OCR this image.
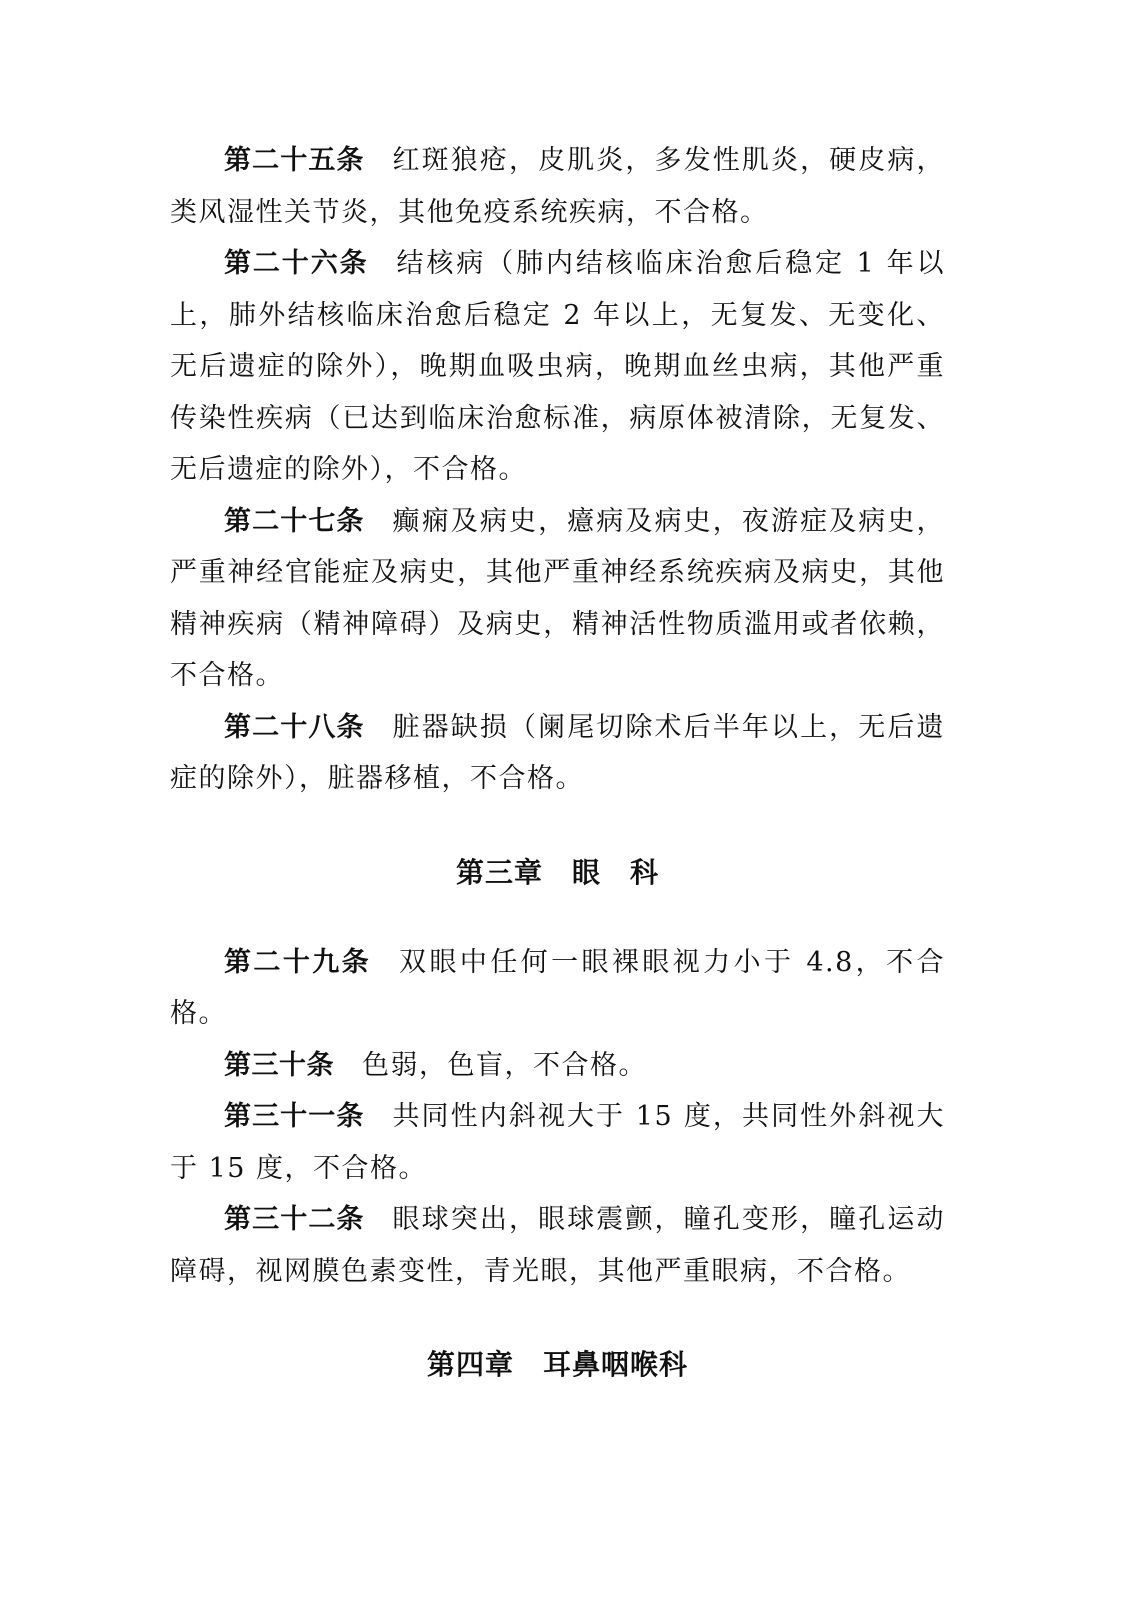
第二十五条 红斑狼疮，皮肌炎，多发性肌炎，硬皮病，类风湿性关节炎，其他免疫系统疾病，不合格。

第二十六条 结核病（肺内结核临床治愈后稳定 1 年以上，肺外结核临床治愈后稳定 2 年以上，无复发、无变化、无后遗症的除外），晚期血吸虫病，晚期血丝虫病，其他严重传染性疾病（已达到临床治愈标准，病原体被清除，无复发、无后遗症的除外），不合格。

第二十七条 癫痫及病史，癔病及病史，夜游症及病史，严重神经官能症及病史，其他严重神经系统疾病及病史，其他精神疾病（精神障碍）及病史，精神活性物质滥用或者依赖，不合格。

第二十八条 脏器缺损（阑尾切除术后半年以上，无后遗症的除外），脏器移植，不合格。

第三章　眼　科

第二十九条 双眼中任何一眼裸眼视力小于 4.8，不合格。

第三十条 色弱，色盲，不合格。

第三十一条 共同性内斜视大于 15 度，共同性外斜视大于 15 度，不合格。

第三十二条 眼球突出，眼球震颤，瞳孔变形，瞳孔运动障碍，视网膜色素变性，青光眼，其他严重眼病，不合格。

第四章　耳鼻咽喉科
